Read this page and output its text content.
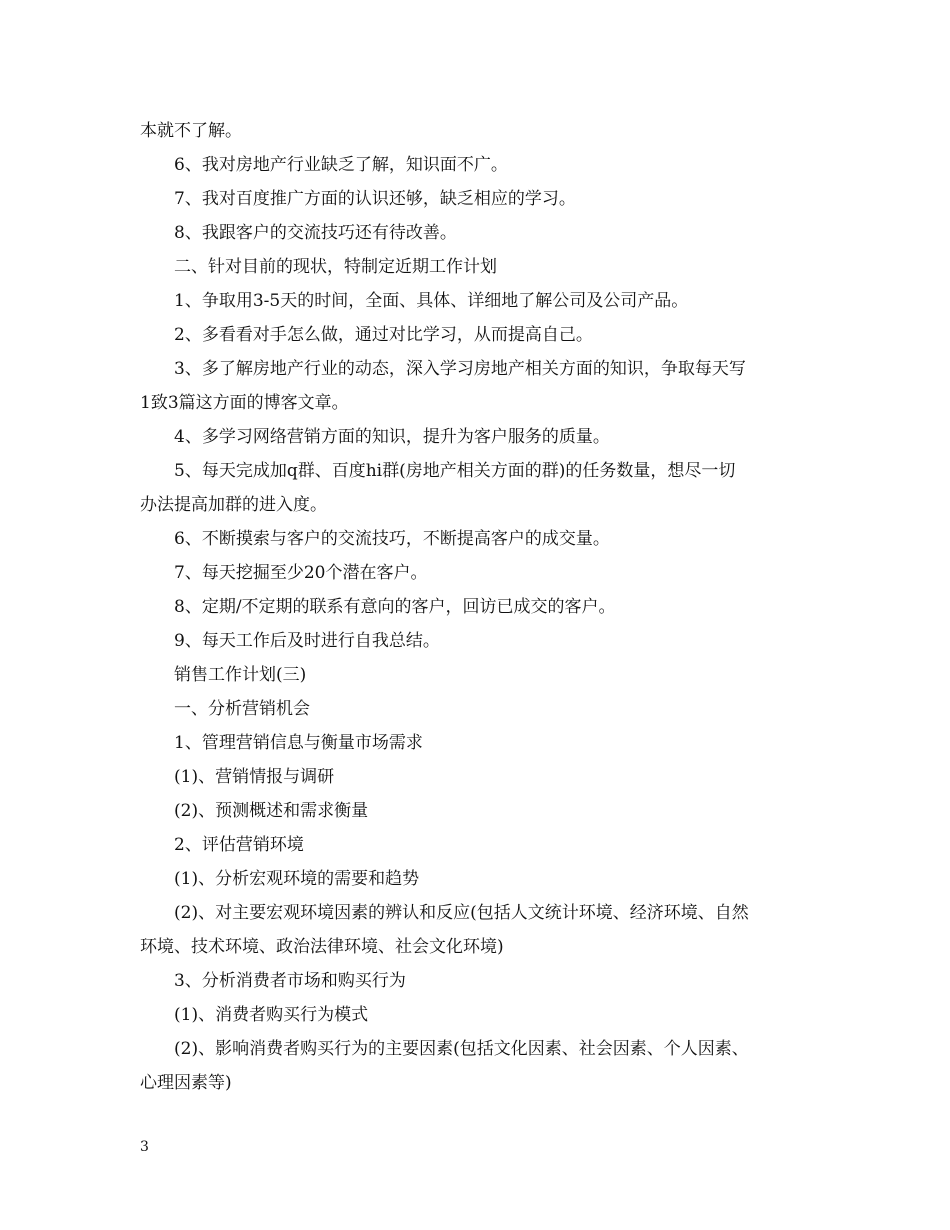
本就不了解。
6、我对房地产行业缺乏了解，知识面不广。
7、我对百度推广方面的认识还够，缺乏相应的学习。
8、我跟客户的交流技巧还有待改善。
二、针对目前的现状，特制定近期工作计划
1、争取用3-5天的时间，全面、具体、详细地了解公司及公司产品。
2、多看看对手怎么做，通过对比学习，从而提高自己。
3、多了解房地产行业的动态，深入学习房地产相关方面的知识，争取每天写
1致3篇这方面的博客文章。
4、多学习网络营销方面的知识，提升为客户服务的质量。
5、每天完成加q群、百度hi群(房地产相关方面的群)的任务数量，想尽一切
办法提高加群的进入度。
6、不断摸索与客户的交流技巧，不断提高客户的成交量。
7、每天挖掘至少20个潜在客户。
8、定期/不定期的联系有意向的客户，回访已成交的客户。
9、每天工作后及时进行自我总结。
销售工作计划(三)
一、分析营销机会
1、管理营销信息与衡量市场需求
(1)、营销情报与调研
(2)、预测概述和需求衡量
2、评估营销环境
(1)、分析宏观环境的需要和趋势
(2)、对主要宏观环境因素的辨认和反应(包括人文统计环境、经济环境、自然
环境、技术环境、政治法律环境、社会文化环境)
3、分析消费者市场和购买行为
(1)、消费者购买行为模式
(2)、影响消费者购买行为的主要因素(包括文化因素、社会因素、个人因素、
心理因素等)
3
